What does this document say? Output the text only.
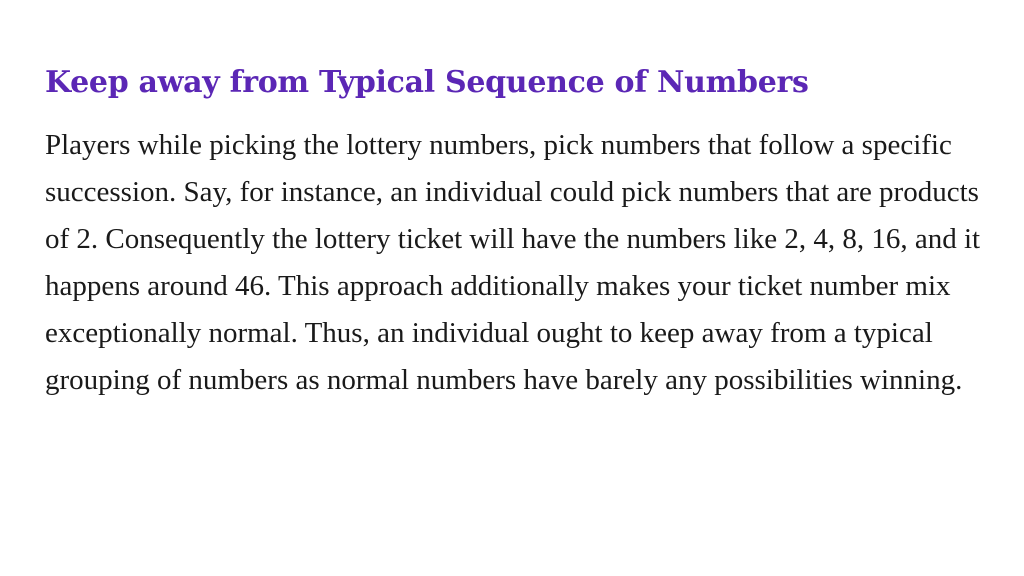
Keep away from Typical Sequence of Numbers

Players while picking the lottery numbers, pick numbers that follow a specific succession. Say, for instance, an individual could pick numbers that are products of 2. Consequently the lottery ticket will have the numbers like 2, 4, 8, 16, and it happens around 46. This approach additionally makes your ticket number mix exceptionally normal. Thus, an individual ought to keep away from a typical grouping of numbers as normal numbers have barely any possibilities winning.
